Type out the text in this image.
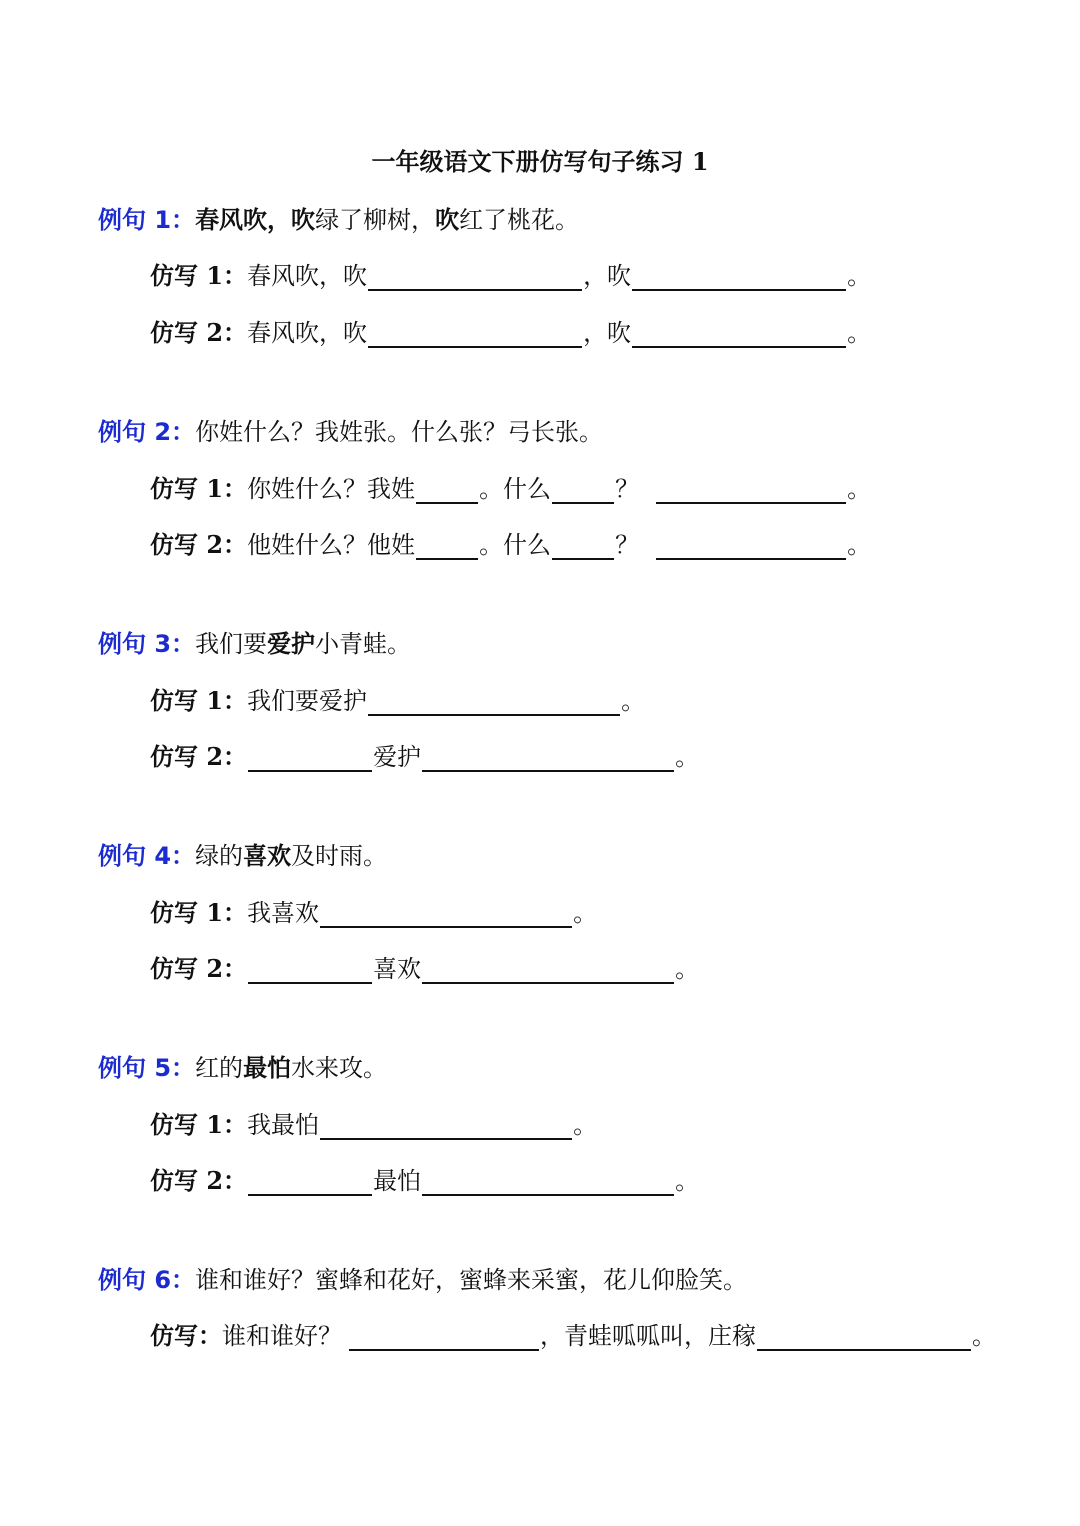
一年级语文下册仿写句子练习 1
例句 1：春风吹，吹绿了柳树，吹红了桃花。
仿写 1： 春风吹，吹	，吹	。
仿写 2： 春风吹，吹	，吹	。
例句 2：你姓什么？我姓张。什么张？弓长张。
仿写 1： 你姓什么？我姓	。什么	？	。
仿写 2： 他姓什么？他姓	。什么	？	。
例句 3：我们要爱护小青蛙。
仿写 1： 我们要爱护	。
仿写 2：	爱护	。
例句 4：绿的喜欢及时雨。
仿写 1： 我喜欢	。
仿写 2：	喜欢	。
例句 5：红的最怕水来攻。
仿写 1： 我最怕	。
仿写 2：	最怕	。
例句 6：谁和谁好？蜜蜂和花好，蜜蜂来采蜜，花儿仰脸笑。
仿写： 谁和谁好？	，青蛙呱呱叫，庄稼	。
